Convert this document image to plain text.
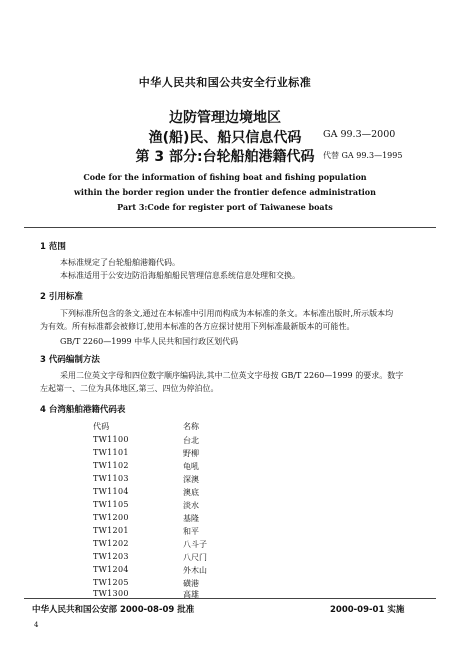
中华人民共和国公共安全行业标准
边防管理边境地区
渔(船)民、船只信息代码
第 3 部分:台轮船舶港籍代码
GA 99.3—2000
代替 GA 99.3—1995
Code for the information of fishing boat and fishing population
within the border region under the frontier defence administration
Part 3:Code for register port of Taiwanese boats
1 范围
本标准规定了台轮船舶港籍代码。
本标准适用于公安边防沿海船舶船民管理信息系统信息处理和交换。
2 引用标准
下列标准所包含的条文,通过在本标准中引用而构成为本标准的条文。本标准出版时,所示版本均
为有效。所有标准都会被修订,使用本标准的各方应探讨使用下列标准最新版本的可能性。
GB/T 2260—1999 中华人民共和国行政区划代码
3 代码编制方法
采用二位英文字母和四位数字顺序编码法,其中二位英文字母按 GB/T 2260—1999 的要求。数字
左起第一、二位为具体地区,第三、四位为停泊位。
4 台湾船舶港籍代码表
代码	名称
TW1100	台北
TW1101	野柳
TW1102	龟吼
TW1103	深澳
TW1104	澳底
TW1105	淡水
TW1200	基隆
TW1201	和平
TW1202	八斗子
TW1203	八尺门
TW1204	外木山
TW1205	磺港
TW1300	高雄
中华人民共和国公安部 2000-08-09 批准	2000-09-01 实施
4
